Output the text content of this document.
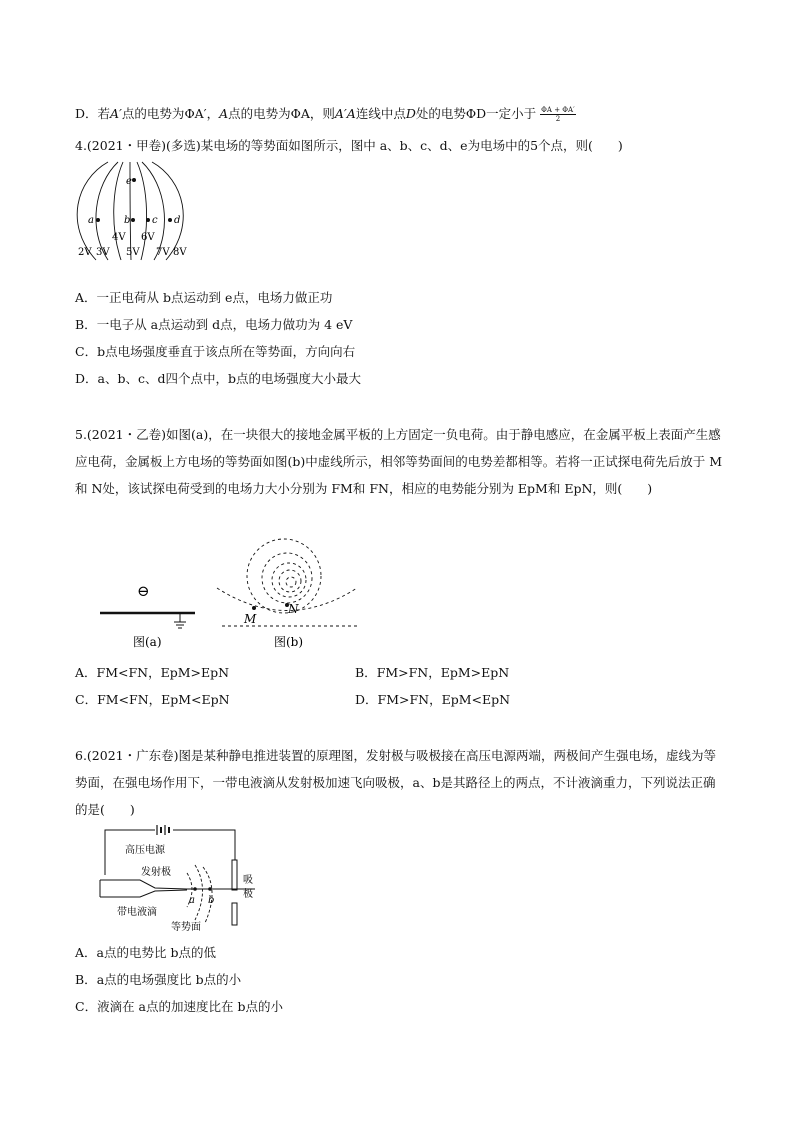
D．若A′点的电势为ΦA′，A点的电势为ΦA，则A′A连线中点D处的电势ΦD一定小于 $\frac{\Phi A + \Phi A'}{2}$
4.(2021・甲卷)(多选)某电场的等势面如图所示，图中 a、b、c、d、e为电场中的5个点，则(　　)
e
a	b c d
2V 3V
4V
5V
6V
7V 8V
A．一正电荷从 b点运动到 e点，电场力做正功
B．一电子从 a点运动到 d点，电场力做功为 4 eV
C．b点电场强度垂直于该点所在等势面，方向向右
D．a、b、c、d四个点中，b点的电场强度大小最大
5.(2021・乙卷)如图(a)，在一块很大的接地金属平板的上方固定一负电荷。由于静电感应，在金属平板上表面产生感应电荷，金属板上方电场的等势面如图(b)中虚线所示，相邻等势面间的电势差都相等。若将一正试探电荷先后放于 M和 N处，该试探电荷受到的电场力大小分别为 FM和 FN，相应的电势能分别为 EpM和 EpN，则(　　)
⊖
图(a)
M
N
图(b)
A．FM<FN，EpM>EpN	B．FM>FN，EpM>EpN
C．FM<FN，EpM<EpN	D．FM>FN，EpM<EpN
6.(2021・广东卷)图是某种静电推进装置的原理图，发射极与吸极接在高压电源两端，两极间产生强电场，虚线为等势面，在强电场作用下，一带电液滴从发射极加速飞向吸极，a、b是其路径上的两点，不计液滴重力，下列说法正确的是(　　)
高压电源
发射极
a b
吸
极
带电液滴
等势面
A．a点的电势比 b点的低
B．a点的电场强度比 b点的小
C．液滴在 a点的加速度比在 b点的小
